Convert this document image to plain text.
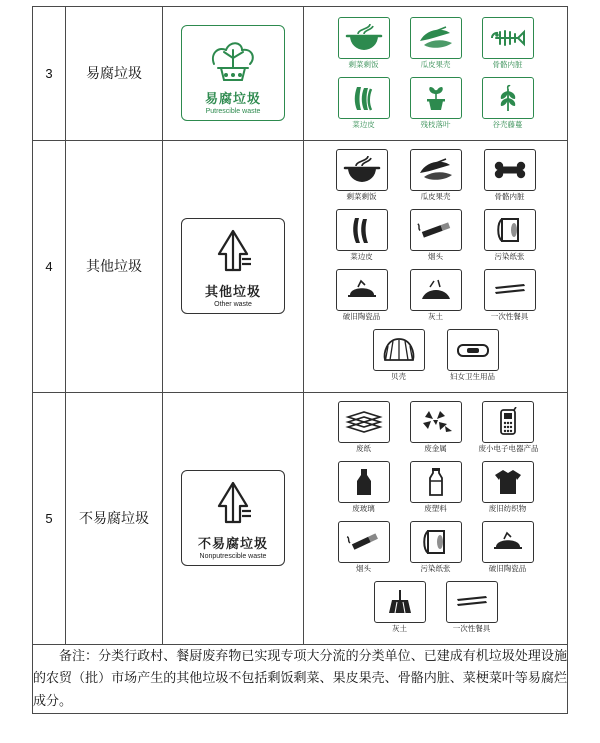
3	易腐垃圾	
易腐垃圾
Putrescible waste

剩菜剩饭	瓜皮果壳	骨骼内脏
菜边皮	残枝落叶	谷壳藤蔓

4	其他垃圾	
其他垃圾
Other waste

剩菜剩饭	瓜皮果壳	骨骼内脏
菜边皮	烟头	污染纸张
破旧陶瓷品	灰土	一次性餐具
贝壳	妇女卫生用品

5	不易腐垃圾	
不易腐垃圾
Nonputrescible waste

废纸	废金属	废小电子电器产品
废玻璃	废塑料	废旧纺织物
烟头	污染纸张	破旧陶瓷品
灰土	一次性餐具

备注：分类行政村、餐厨废弃物已实现专项大分流的分类单位、已建成有机垃圾处理设施的农贸（批）市场产生的其他垃圾不包括剩饭剩菜、果皮果壳、骨骼内脏、菜梗菜叶等易腐烂成分。			
